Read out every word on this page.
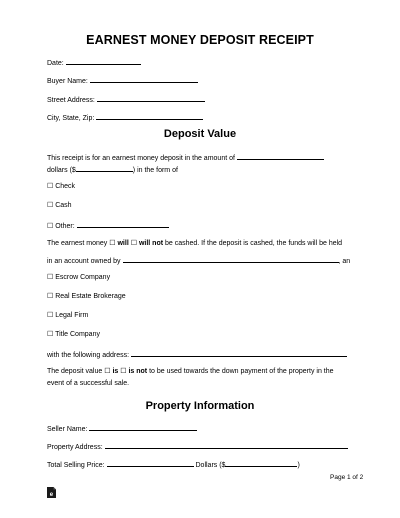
EARNEST MONEY DEPOSIT RECEIPT
Date:
Buyer Name:
Street Address:
City, State, Zip:
Deposit Value
This receipt is for an earnest money deposit in the amount of
dollars ($	) in the form of
☐ Check
☐ Cash
☐ Other:
The earnest money ☐ will ☐ will not be cashed. If the deposit is cashed, the funds will be held
in an account owned by	, an
☐ Escrow Company
☐ Real Estate Brokerage
☐ Legal Firm
☐ Title Company
with the following address:
The deposit value ☐ is ☐ is not to be used towards the down payment of the property in the
event of a successful sale.
Property Information
Seller Name:
Property Address:
Total Selling Price:	Dollars ($	)
Page 1 of 2
e
